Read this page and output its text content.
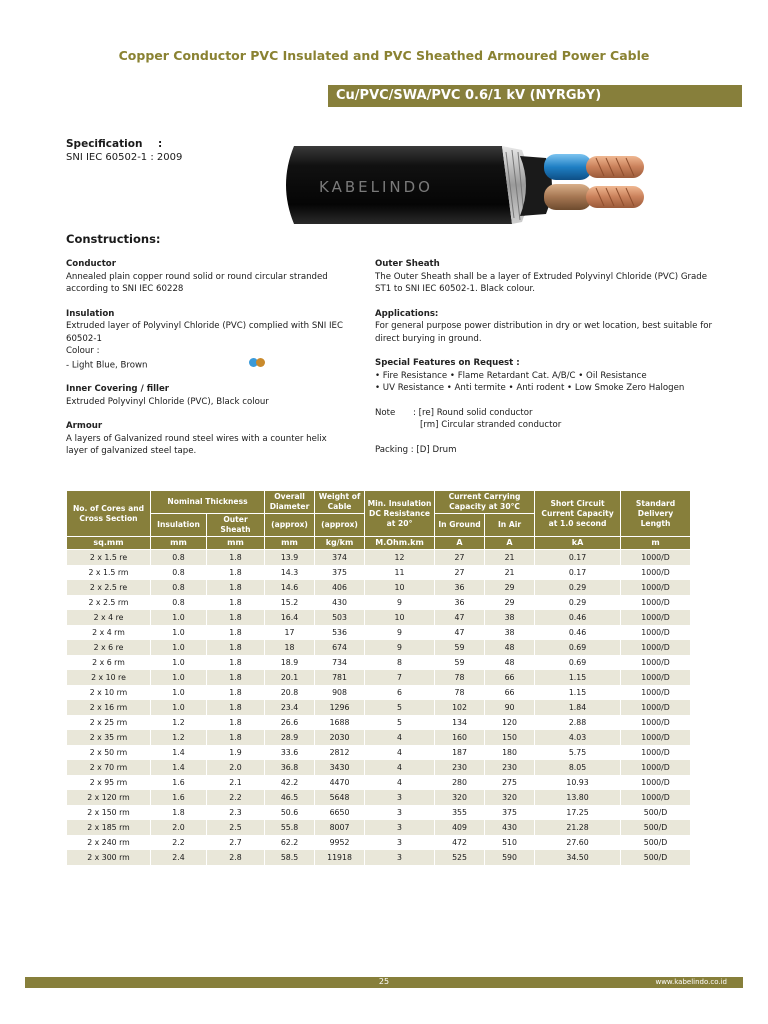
Copper Conductor PVC Insulated and PVC Sheathed Armoured Power Cable
Cu/PVC/SWA/PVC 0.6/1 kV (NYRGbY)
Specification :
SNI IEC 60502-1 : 2009
KABELINDO
Constructions:
Conductor

Annealed plain copper round solid or round circular stranded according to SNI IEC 60228

Insulation

Extruded layer of Polyvinyl Chloride (PVC) complied with SNI IEC 60502-1

Colour :

- Light Blue, Brown

Inner Covering / filler

Extruded Polyvinyl Chloride (PVC), Black colour

Armour

A layers of Galvanized round steel wires with a counter helix layer of galvanized steel tape.

Outer Sheath

The Outer Sheath shall be a layer of Extruded Polyvinyl Chloride (PVC) Grade ST1 to SNI IEC 60502-1. Black colour.

Applications:

For general purpose power distribution in dry or wet location, best suitable for direct burying in ground.

Special Features on Request :

• Fire Resistance • Flame Retardant Cat. A/B/C • Oil Resistance

• UV Resistance • Anti termite • Anti rodent • Low Smoke Zero Halogen

Note	: [re] Round solid conductor
[rm] Circular stranded conductor

Packing : [D] Drum

No. of Cores and Cross Section	Nominal Thickness		Overall Diameter	Weight of Cable	Min. Insulation DC Resistance at 20°	Current Carrying Capacity at 30°C		Short Circuit Current Capacity at 1.0 second	Standard Delivery Length
	Insulation	Outer Sheath				In Ground	In Air		
			(approx)	(approx)					
sq.mm	mm	mm	mm	kg/km	M.Ohm.km	A	A	kA	m
2 x 1.5 re	0.8	1.8	13.9	374	12	27	21	0.17	1000/D
2 x 1.5 rm	0.8	1.8	14.3	375	11	27	21	0.17	1000/D
2 x 2.5 re	0.8	1.8	14.6	406	10	36	29	0.29	1000/D
2 x 2.5 rm	0.8	1.8	15.2	430	9	36	29	0.29	1000/D
2 x 4 re	1.0	1.8	16.4	503	10	47	38	0.46	1000/D
2 x 4 rm	1.0	1.8	17	536	9	47	38	0.46	1000/D
2 x 6 re	1.0	1.8	18	674	9	59	48	0.69	1000/D
2 x 6 rm	1.0	1.8	18.9	734	8	59	48	0.69	1000/D
2 x 10 re	1.0	1.8	20.1	781	7	78	66	1.15	1000/D
2 x 10 rm	1.0	1.8	20.8	908	6	78	66	1.15	1000/D
2 x 16 rm	1.0	1.8	23.4	1296	5	102	90	1.84	1000/D
2 x 25 rm	1.2	1.8	26.6	1688	5	134	120	2.88	1000/D
2 x 35 rm	1.2	1.8	28.9	2030	4	160	150	4.03	1000/D
2 x 50 rm	1.4	1.9	33.6	2812	4	187	180	5.75	1000/D
2 x 70 rm	1.4	2.0	36.8	3430	4	230	230	8.05	1000/D
2 x 95 rm	1.6	2.1	42.2	4470	4	280	275	10.93	1000/D
2 x 120 rm	1.6	2.2	46.5	5648	3	320	320	13.80	1000/D
2 x 150 rm	1.8	2.3	50.6	6650	3	355	375	17.25	500/D
2 x 185 rm	2.0	2.5	55.8	8007	3	409	430	21.28	500/D
2 x 240 rm	2.2	2.7	62.2	9952	3	472	510	27.60	500/D
2 x 300 rm	2.4	2.8	58.5	11918	3	525	590	34.50	500/D
25	www.kabelindo.co.id
